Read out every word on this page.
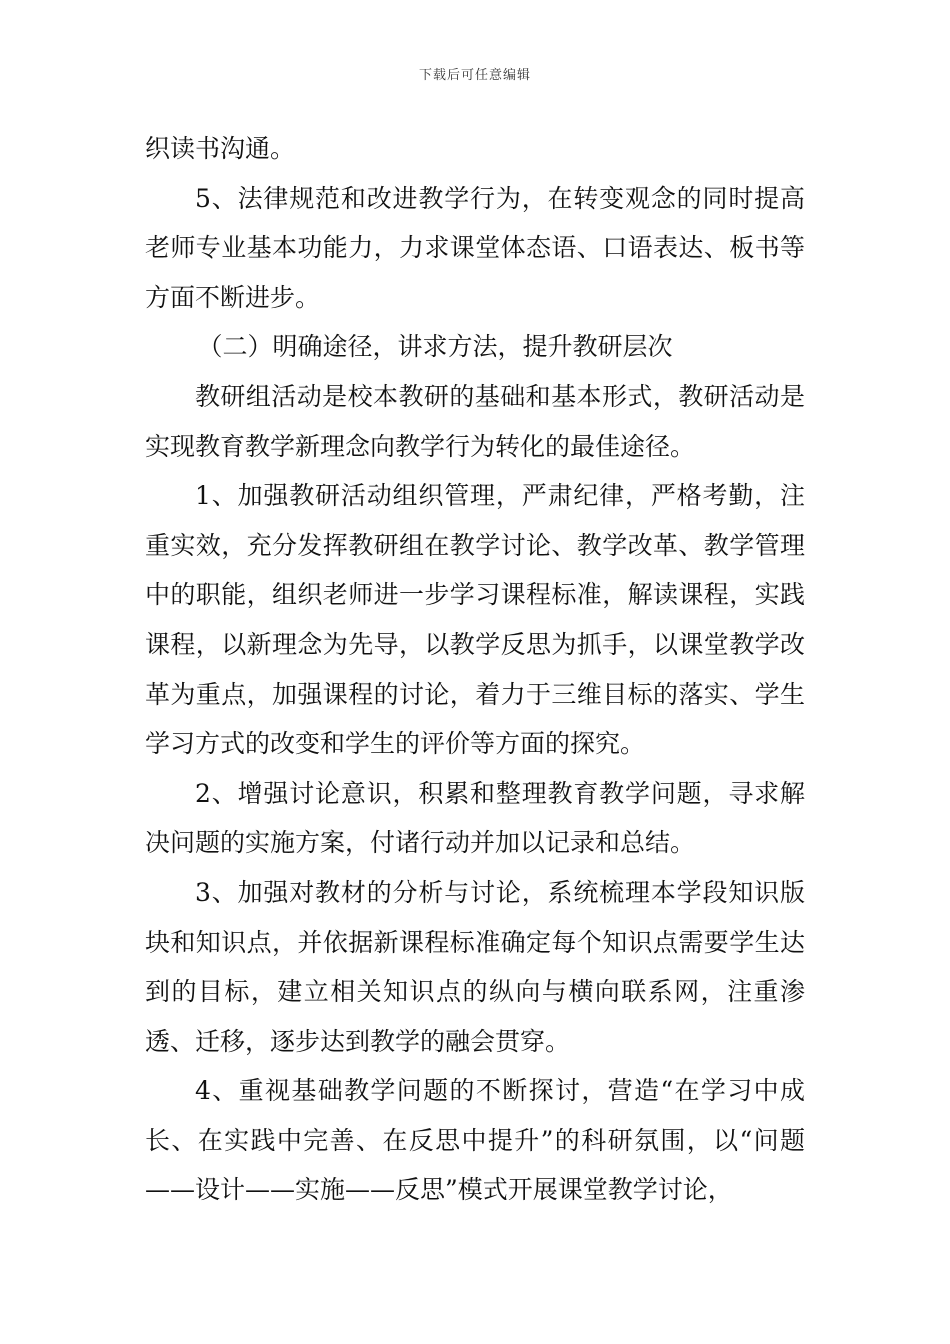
下载后可任意编辑

织读书沟通。

5、法律规范和改进教学行为，在转变观念的同时提高老师专业基本功能力，力求课堂体态语、口语表达、板书等方面不断进步。

（二）明确途径，讲求方法，提升教研层次

教研组活动是校本教研的基础和基本形式，教研活动是实现教育教学新理念向教学行为转化的最佳途径。

1、加强教研活动组织管理，严肃纪律，严格考勤，注重实效，充分发挥教研组在教学讨论、教学改革、教学管理中的职能，组织老师进一步学习课程标准，解读课程，实践课程，以新理念为先导，以教学反思为抓手，以课堂教学改革为重点，加强课程的讨论，着力于三维目标的落实、学生学习方式的改变和学生的评价等方面的探究。

2、增强讨论意识，积累和整理教育教学问题，寻求解决问题的实施方案，付诸行动并加以记录和总结。

3、加强对教材的分析与讨论，系统梳理本学段知识版块和知识点，并依据新课程标准确定每个知识点需要学生达到的目标，建立相关知识点的纵向与横向联系网，注重渗透、迁移，逐步达到教学的融会贯穿。

4、重视基础教学问题的不断探讨，营造“在学习中成长、在实践中完善、在反思中提升”的科研氛围，以“问题——设计——实施——反思”模式开展课堂教学讨论，
